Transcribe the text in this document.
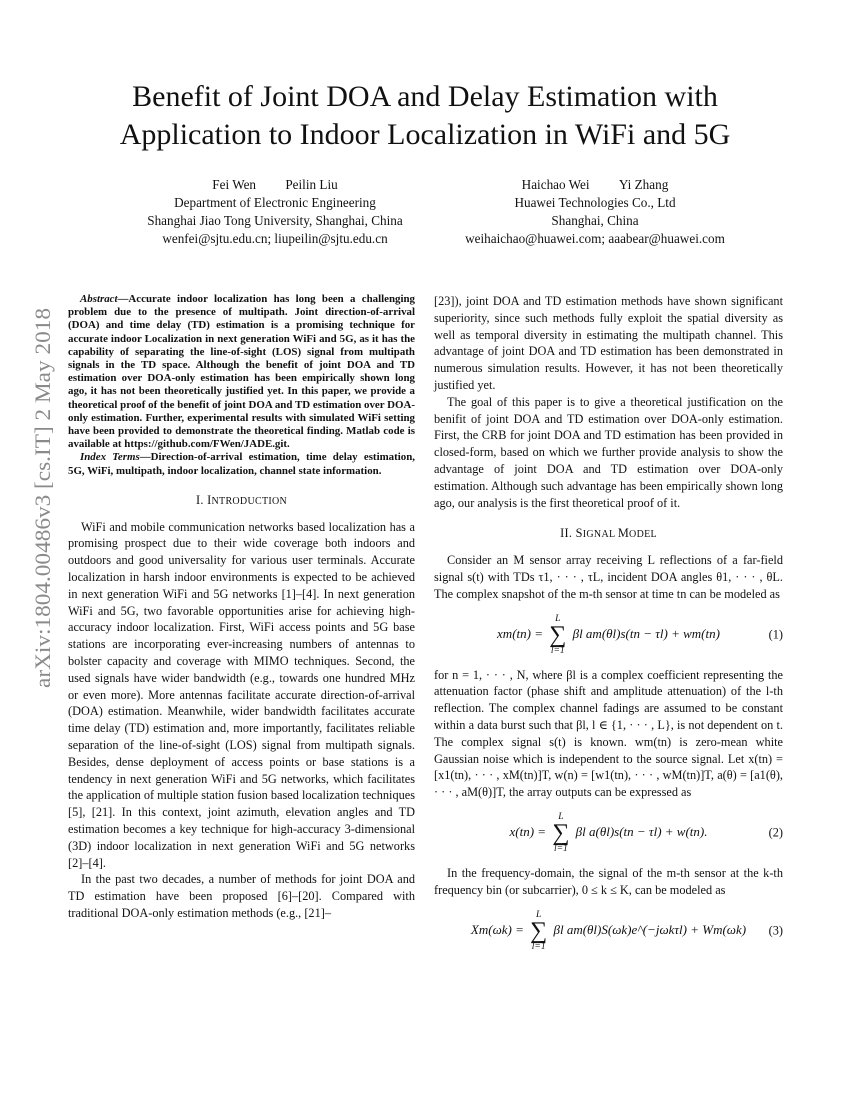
arXiv:1804.00486v3 [cs.IT] 2 May 2018
Benefit of Joint DOA and Delay Estimation with
Application to Indoor Localization in WiFi and 5G
Fei Wen Peilin Liu
Department of Electronic Engineering
Shanghai Jiao Tong University, Shanghai, China
wenfei@sjtu.edu.cn; liupeilin@sjtu.edu.cn
Haichao Wei Yi Zhang
Huawei Technologies Co., Ltd
Shanghai, China
weihaichao@huawei.com; aaabear@huawei.com

Abstract—Accurate indoor localization has long been a challenging problem due to the presence of multipath. Joint direction-of-arrival (DOA) and time delay (TD) estimation is a promising technique for accurate indoor Localization in next generation WiFi and 5G, as it has the capability of separating the line-of-sight (LOS) signal from multipath signals in the TD space. Although the benefit of joint DOA and TD estimation over DOA-only estimation has been empirically shown long ago, it has not been theoretically justified yet. In this paper, we provide a theoretical proof of the benefit of joint DOA and TD estimation over DOA-only estimation. Further, experimental results with simulated WiFi setting have been provided to demonstrate the theoretical finding. Matlab code is available at https://github.com/FWen/JADE.git.

Index Terms—Direction-of-arrival estimation, time delay estimation, 5G, WiFi, multipath, indoor localization, channel state information.

I. INTRODUCTION

WiFi and mobile communication networks based localization has a promising prospect due to their wide coverage both indoors and outdoors and good universality for various user terminals. Accurate localization in harsh indoor environments is expected to be achieved in next generation WiFi and 5G networks [1]–[4]. In next generation WiFi and 5G, two favorable opportunities arise for achieving high-accuracy indoor localization. First, WiFi access points and 5G base stations are incorporating ever-increasing numbers of antennas to bolster capacity and coverage with MIMO techniques. Second, the used signals have wider bandwidth (e.g., towards one hundred MHz or even more). More antennas facilitate accurate direction-of-arrival (DOA) estimation. Meanwhile, wider bandwidth facilitates accurate time delay (TD) estimation and, more importantly, facilitates reliable separation of the line-of-sight (LOS) signal from multipath signals. Besides, dense deployment of access points or base stations is a tendency in next generation WiFi and 5G networks, which facilitates the application of multiple station fusion based localization techniques [5], [21]. In this context, joint azimuth, elevation angles and TD estimation becomes a key technique for high-accuracy 3-dimensional (3D) indoor localization in next generation WiFi and 5G networks [2]–[4].

In the past two decades, a number of methods for joint DOA and TD estimation have been proposed [6]–[20]. Compared with traditional DOA-only estimation methods (e.g., [21]–

[23]), joint DOA and TD estimation methods have shown significant superiority, since such methods fully exploit the spatial diversity as well as temporal diversity in estimating the multipath channel. This advantage of joint DOA and TD estimation has been demonstrated in numerous simulation results. However, it has not been theoretically justified yet.

The goal of this paper is to give a theoretical justification on the benifit of joint DOA and TD estimation over DOA-only estimation. First, the CRB for joint DOA and TD estimation has been provided in closed-form, based on which we further provide analysis to show the advantage of joint DOA and TD estimation over DOA-only estimation. Although such advantage has been empirically shown long ago, our analysis is the first theoretical proof of it.

II. SIGNAL MODEL

Consider an M sensor array receiving L reflections of a far-field signal s(t) with TDs τ1, · · · , τL, incident DOA angles θ1, · · · , θL. The complex snapshot of the m-th sensor at time tn can be modeled as

xm(tn) =
L
∑
l=1
βl am(θl)s(tn − τl) + wm(tn)	(1)

for n = 1, · · · , N, where βl is a complex coefficient representing the attenuation factor (phase shift and amplitude attenuation) of the l-th reflection. The complex channel fadings are assumed to be constant within a data burst such that βl, l ∈ {1, · · · , L}, is not dependent on t. The complex signal s(t) is known. wm(tn) is zero-mean white Gaussian noise which is independent to the source signal. Let x(tn) = [x1(tn), · · · , xM(tn)]T, w(n) = [w1(tn), · · · , wM(tn)]T, a(θ) = [a1(θ), · · · , aM(θ)]T, the array outputs can be expressed as

x(tn) =
L
∑
l=1
βl a(θl)s(tn − τl) + w(tn).	(2)

In the frequency-domain, the signal of the m-th sensor at the k-th frequency bin (or subcarrier), 0 ≤ k ≤ K, can be modeled as

Xm(ωk) =
L
∑
l=1
βl am(θl)S(ωk)e^(−jωkτl) + Wm(ωk) (3)
